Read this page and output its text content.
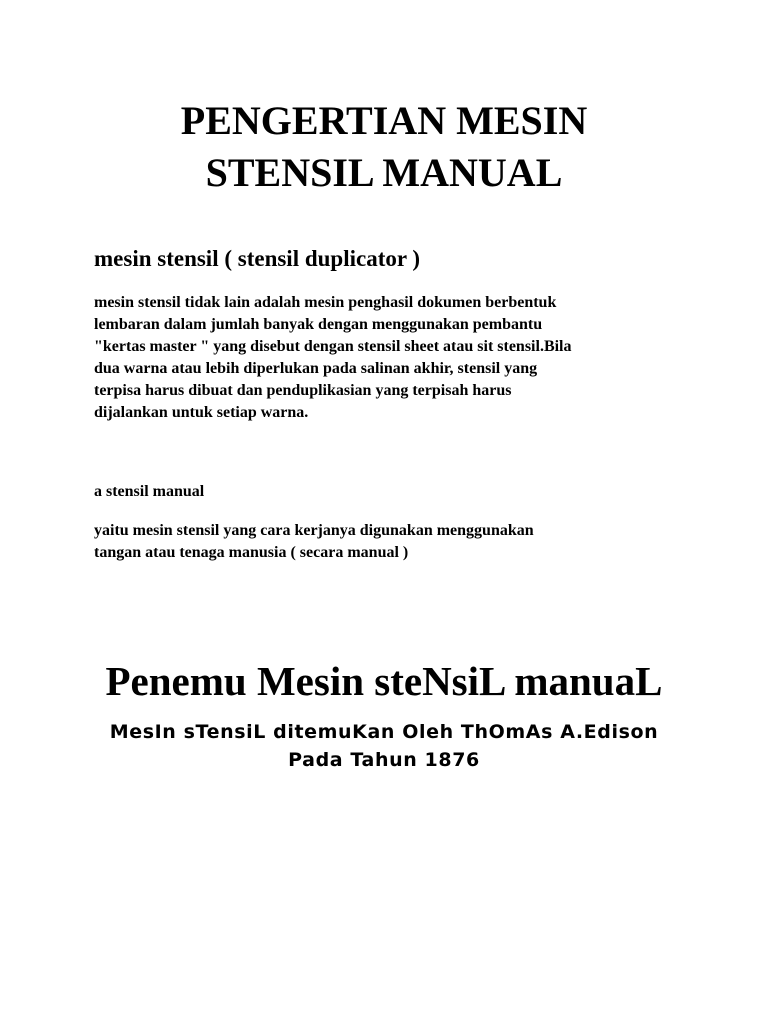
PENGERTIAN MESIN
STENSIL MANUAL
mesin stensil ( stensil duplicator )

mesin stensil tidak lain adalah mesin penghasil dokumen berbentuk
lembaran dalam jumlah banyak dengan menggunakan pembantu
"kertas master " yang disebut dengan stensil sheet atau sit stensil.Bila
dua warna atau lebih diperlukan pada salinan akhir, stensil yang
terpisa harus dibuat dan penduplikasian yang terpisah harus
dijalankan untuk setiap warna.

a stensil manual

yaitu mesin stensil yang cara kerjanya digunakan menggunakan
tangan atau tenaga manusia ( secara manual )

Penemu Mesin steNsiL manuaL

MesIn sTensiL ditemuKan Oleh ThOmAs A.Edison
Pada Tahun 1876
